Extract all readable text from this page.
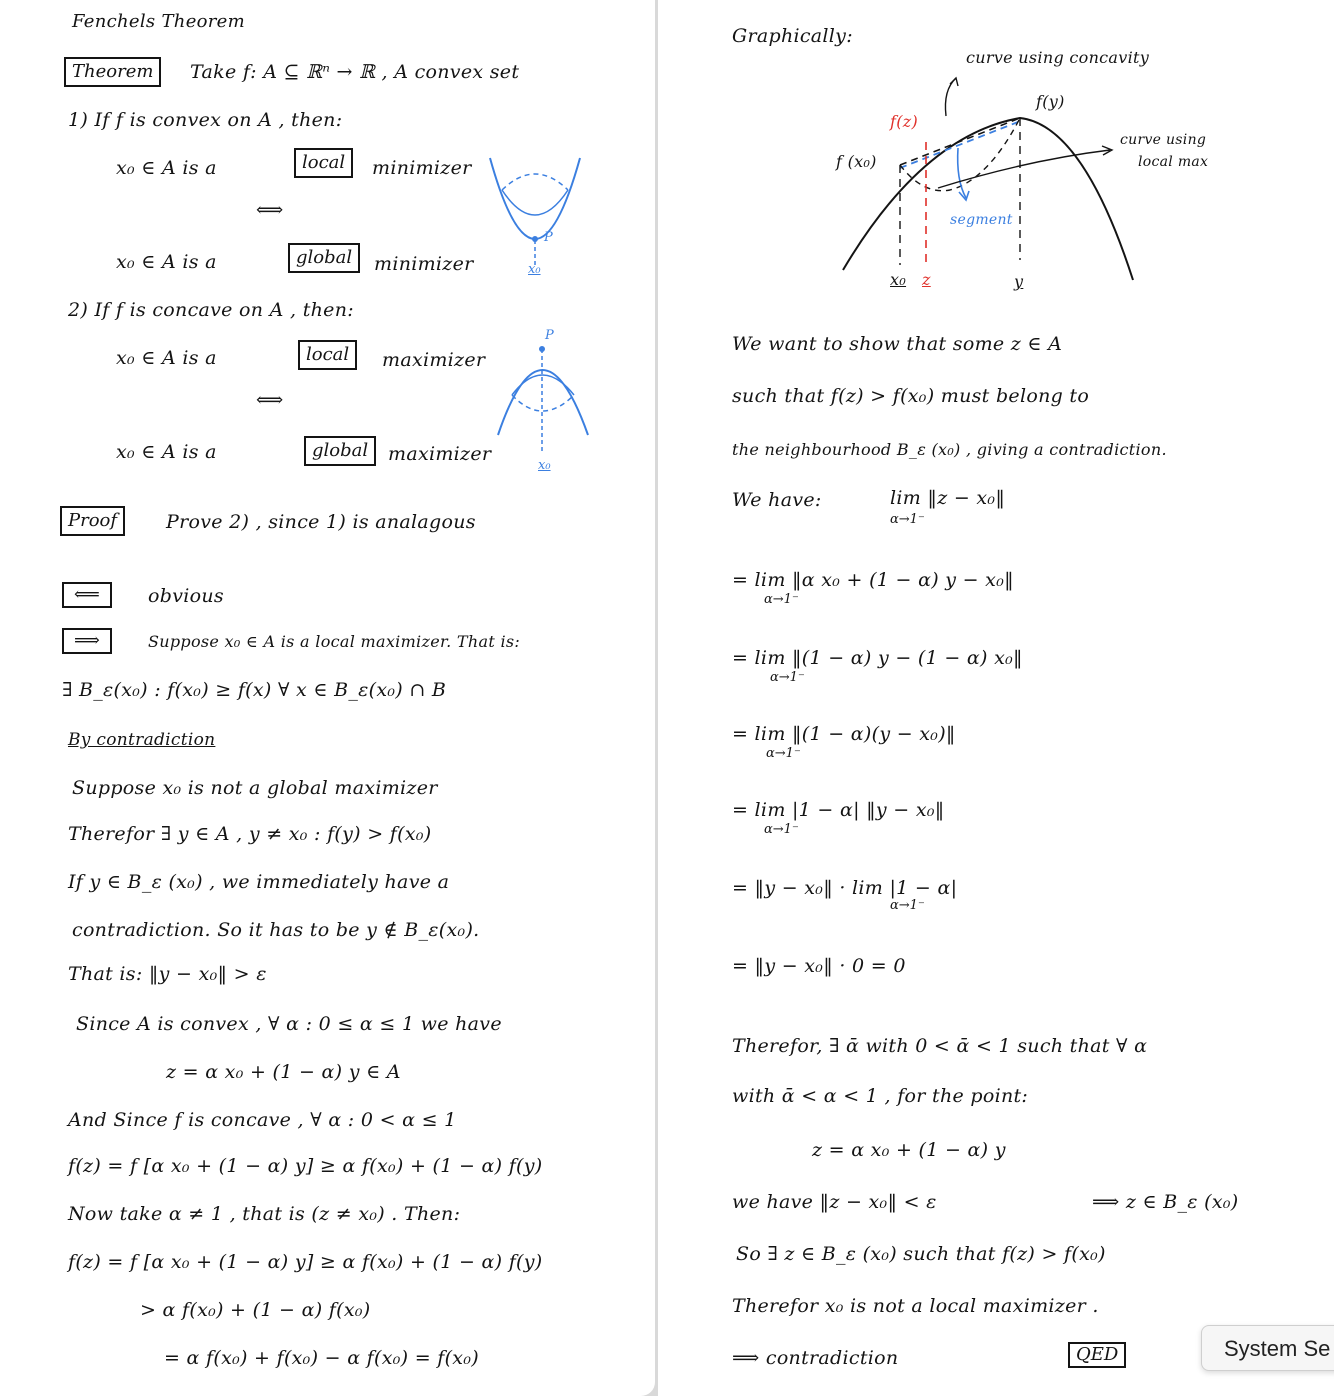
Fenchels Theorem
Theorem	Take f: A ⊆ ℝⁿ → ℝ , A convex set
1) If f is convex on A , then:
x₀ ∈ A is a	local	minimizer
⟺
x₀ ∈ A is a	global	minimizer
P
x₀
2) If f is concave on A , then:
x₀ ∈ A is a	local	maximizer
⟺
x₀ ∈ A is a	global	maximizer
P
x₀
Proof	Prove 2) , since 1) is analagous
⟸	obvious
⟹	Suppose x₀ ∈ A is a local maximizer. That is:
∃ B_ε(x₀) : f(x₀) ≥ f(x) ∀ x ∈ B_ε(x₀) ∩ B
By contradiction
Suppose x₀ is not a global maximizer
Therefor ∃ y ∈ A , y ≠ x₀ : f(y) > f(x₀)
If y ∈ B_ε (x₀) , we immediately have a
contradiction. So it has to be y ∉ B_ε(x₀).
That is: ‖y − x₀‖ > ε
Since A is convex , ∀ α : 0 ≤ α ≤ 1 we have
z = α x₀ + (1 − α) y ∈ A
And Since f is concave , ∀ α : 0 < α ≤ 1
f(z) = f [α x₀ + (1 − α) y] ≥ α f(x₀) + (1 − α) f(y)
Now take α ≠ 1 , that is (z ≠ x₀) . Then:
f(z) = f [α x₀ + (1 − α) y] ≥ α f(x₀) + (1 − α) f(y)
> α f(x₀) + (1 − α) f(x₀)
= α f(x₀) + f(x₀) − α f(x₀) = f(x₀)
Graphically:
curve using concavity
f(y)
f(z)
f (x₀)
curve using
local max
segment
x₀ z	y
We want to show that some z ∈ A
such that f(z) > f(x₀) must belong to
the neighbourhood B_ε (x₀) , giving a contradiction.
We have:	lim ‖z − x₀‖
α→1⁻
= lim ‖α x₀ + (1 − α) y − x₀‖
α→1⁻
= lim ‖(1 − α) y − (1 − α) x₀‖
α→1⁻
= lim ‖(1 − α)(y − x₀)‖
α→1⁻
= lim |1 − α| ‖y − x₀‖
α→1⁻
= ‖y − x₀‖ · lim |1 − α|
α→1⁻
= ‖y − x₀‖ · 0 = 0
Therefor, ∃ ᾱ with 0 < ᾱ < 1 such that ∀ α
with ᾱ < α < 1 , for the point:
z = α x₀ + (1 − α) y
we have ‖z − x₀‖ < ε	⟹ z ∈ B_ε (x₀)
So ∃ z ∈ B_ε (x₀) such that f(z) > f(x₀)
Therefor x₀ is not a local maximizer .
⟹ contradiction	QED	System Se
